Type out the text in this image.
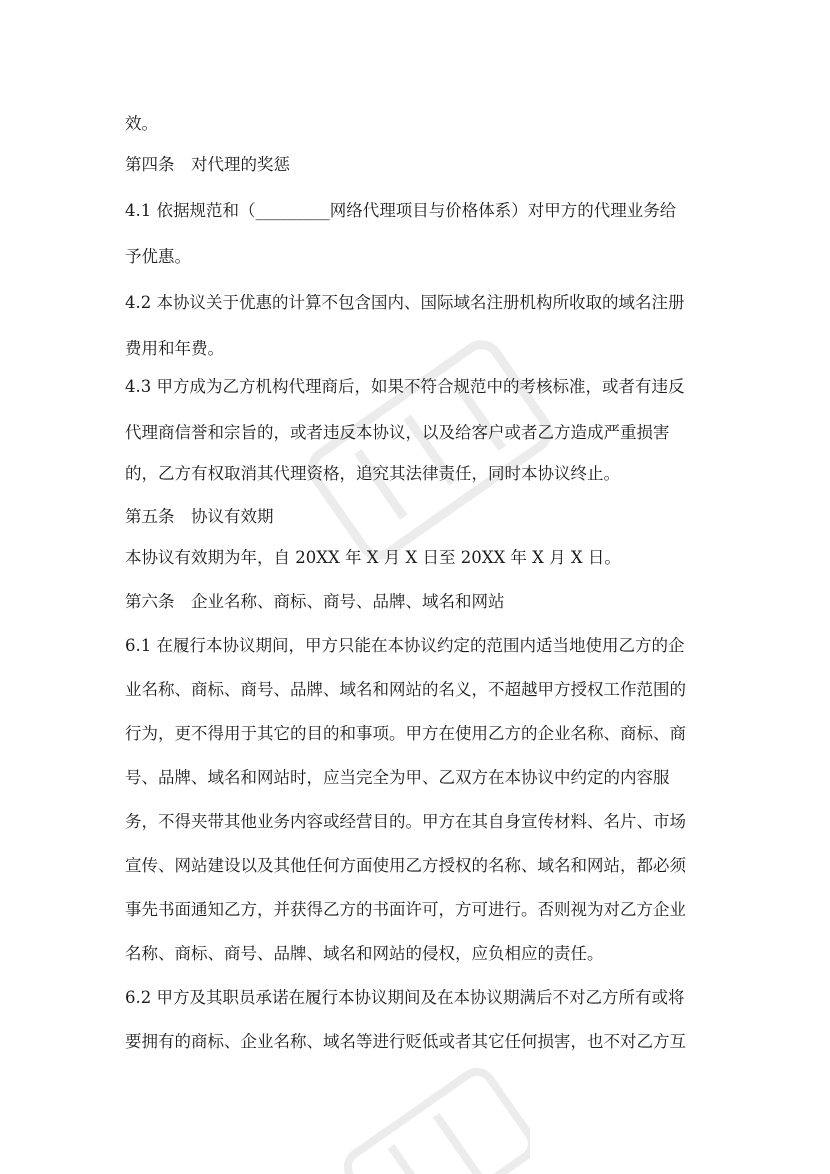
效。
第四条　对代理的奖惩
4.1 依据规范和（_________网络代理项目与价格体系）对甲方的代理业务给
予优惠。
4.2 本协议关于优惠的计算不包含国内、国际域名注册机构所收取的域名注册
费用和年费。
4.3 甲方成为乙方机构代理商后，如果不符合规范中的考核标准，或者有违反
代理商信誉和宗旨的，或者违反本协议，以及给客户或者乙方造成严重损害
的，乙方有权取消其代理资格，追究其法律责任，同时本协议终止。
第五条　协议有效期
本协议有效期为年，自 20XX 年 X 月 X 日至 20XX 年 X 月 X 日。
第六条　企业名称、商标、商号、品牌、域名和网站
6.1 在履行本协议期间，甲方只能在本协议约定的范围内适当地使用乙方的企
业名称、商标、商号、品牌、域名和网站的名义，不超越甲方授权工作范围的
行为，更不得用于其它的目的和事项。甲方在使用乙方的企业名称、商标、商
号、品牌、域名和网站时，应当完全为甲、乙双方在本协议中约定的内容服
务，不得夹带其他业务内容或经营目的。甲方在其自身宣传材料、名片、市场
宣传、网站建设以及其他任何方面使用乙方授权的名称、域名和网站，都必须
事先书面通知乙方，并获得乙方的书面许可，方可进行。否则视为对乙方企业
名称、商标、商号、品牌、域名和网站的侵权，应负相应的责任。
6.2 甲方及其职员承诺在履行本协议期间及在本协议期满后不对乙方所有或将
要拥有的商标、企业名称、域名等进行贬低或者其它任何损害，也不对乙方互
